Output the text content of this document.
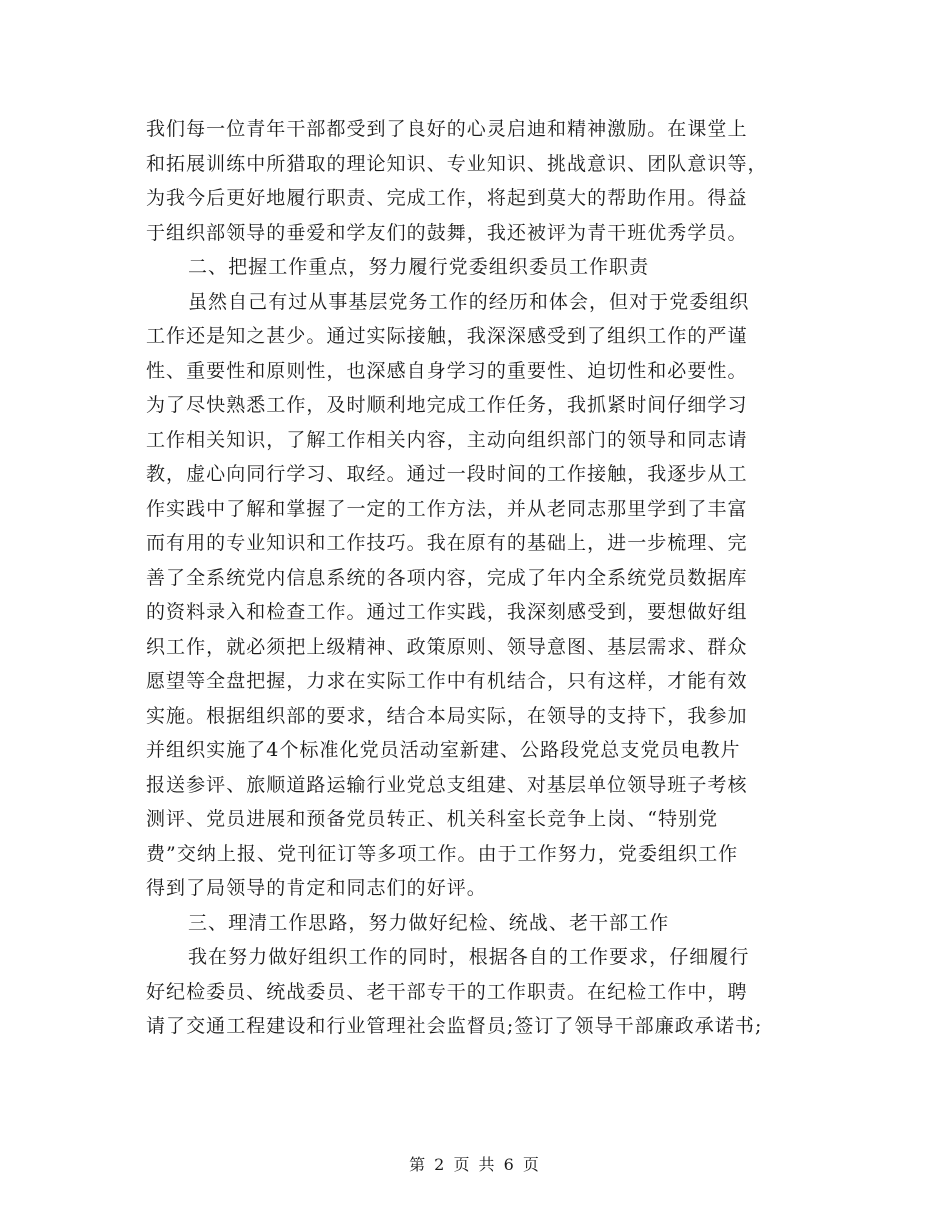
我们每一位青年干部都受到了良好的心灵启迪和精神激励。在课堂上
和拓展训练中所猎取的理论知识、专业知识、挑战意识、团队意识等，
为我今后更好地履行职责、完成工作，将起到莫大的帮助作用。得益
于组织部领导的垂爱和学友们的鼓舞，我还被评为青干班优秀学员。
二、把握工作重点，努力履行党委组织委员工作职责
虽然自己有过从事基层党务工作的经历和体会，但对于党委组织
工作还是知之甚少。通过实际接触，我深深感受到了组织工作的严谨
性、重要性和原则性，也深感自身学习的重要性、迫切性和必要性。
为了尽快熟悉工作，及时顺利地完成工作任务，我抓紧时间仔细学习
工作相关知识，了解工作相关内容，主动向组织部门的领导和同志请
教，虚心向同行学习、取经。通过一段时间的工作接触，我逐步从工
作实践中了解和掌握了一定的工作方法，并从老同志那里学到了丰富
而有用的专业知识和工作技巧。我在原有的基础上，进一步梳理、完
善了全系统党内信息系统的各项内容，完成了年内全系统党员数据库
的资料录入和检查工作。通过工作实践，我深刻感受到，要想做好组
织工作，就必须把上级精神、政策原则、领导意图、基层需求、群众
愿望等全盘把握，力求在实际工作中有机结合，只有这样，才能有效
实施。根据组织部的要求，结合本局实际，在领导的支持下，我参加
并组织实施了4个标准化党员活动室新建、公路段党总支党员电教片
报送参评、旅顺道路运输行业党总支组建、对基层单位领导班子考核
测评、党员进展和预备党员转正、机关科室长竞争上岗、“特别党
费”交纳上报、党刊征订等多项工作。由于工作努力，党委组织工作
得到了局领导的肯定和同志们的好评。
三、理清工作思路，努力做好纪检、统战、老干部工作
我在努力做好组织工作的同时，根据各自的工作要求，仔细履行
好纪检委员、统战委员、老干部专干的工作职责。在纪检工作中，聘
请了交通工程建设和行业管理社会监督员;签订了领导干部廉政承诺书;
第 2 页 共 6 页
